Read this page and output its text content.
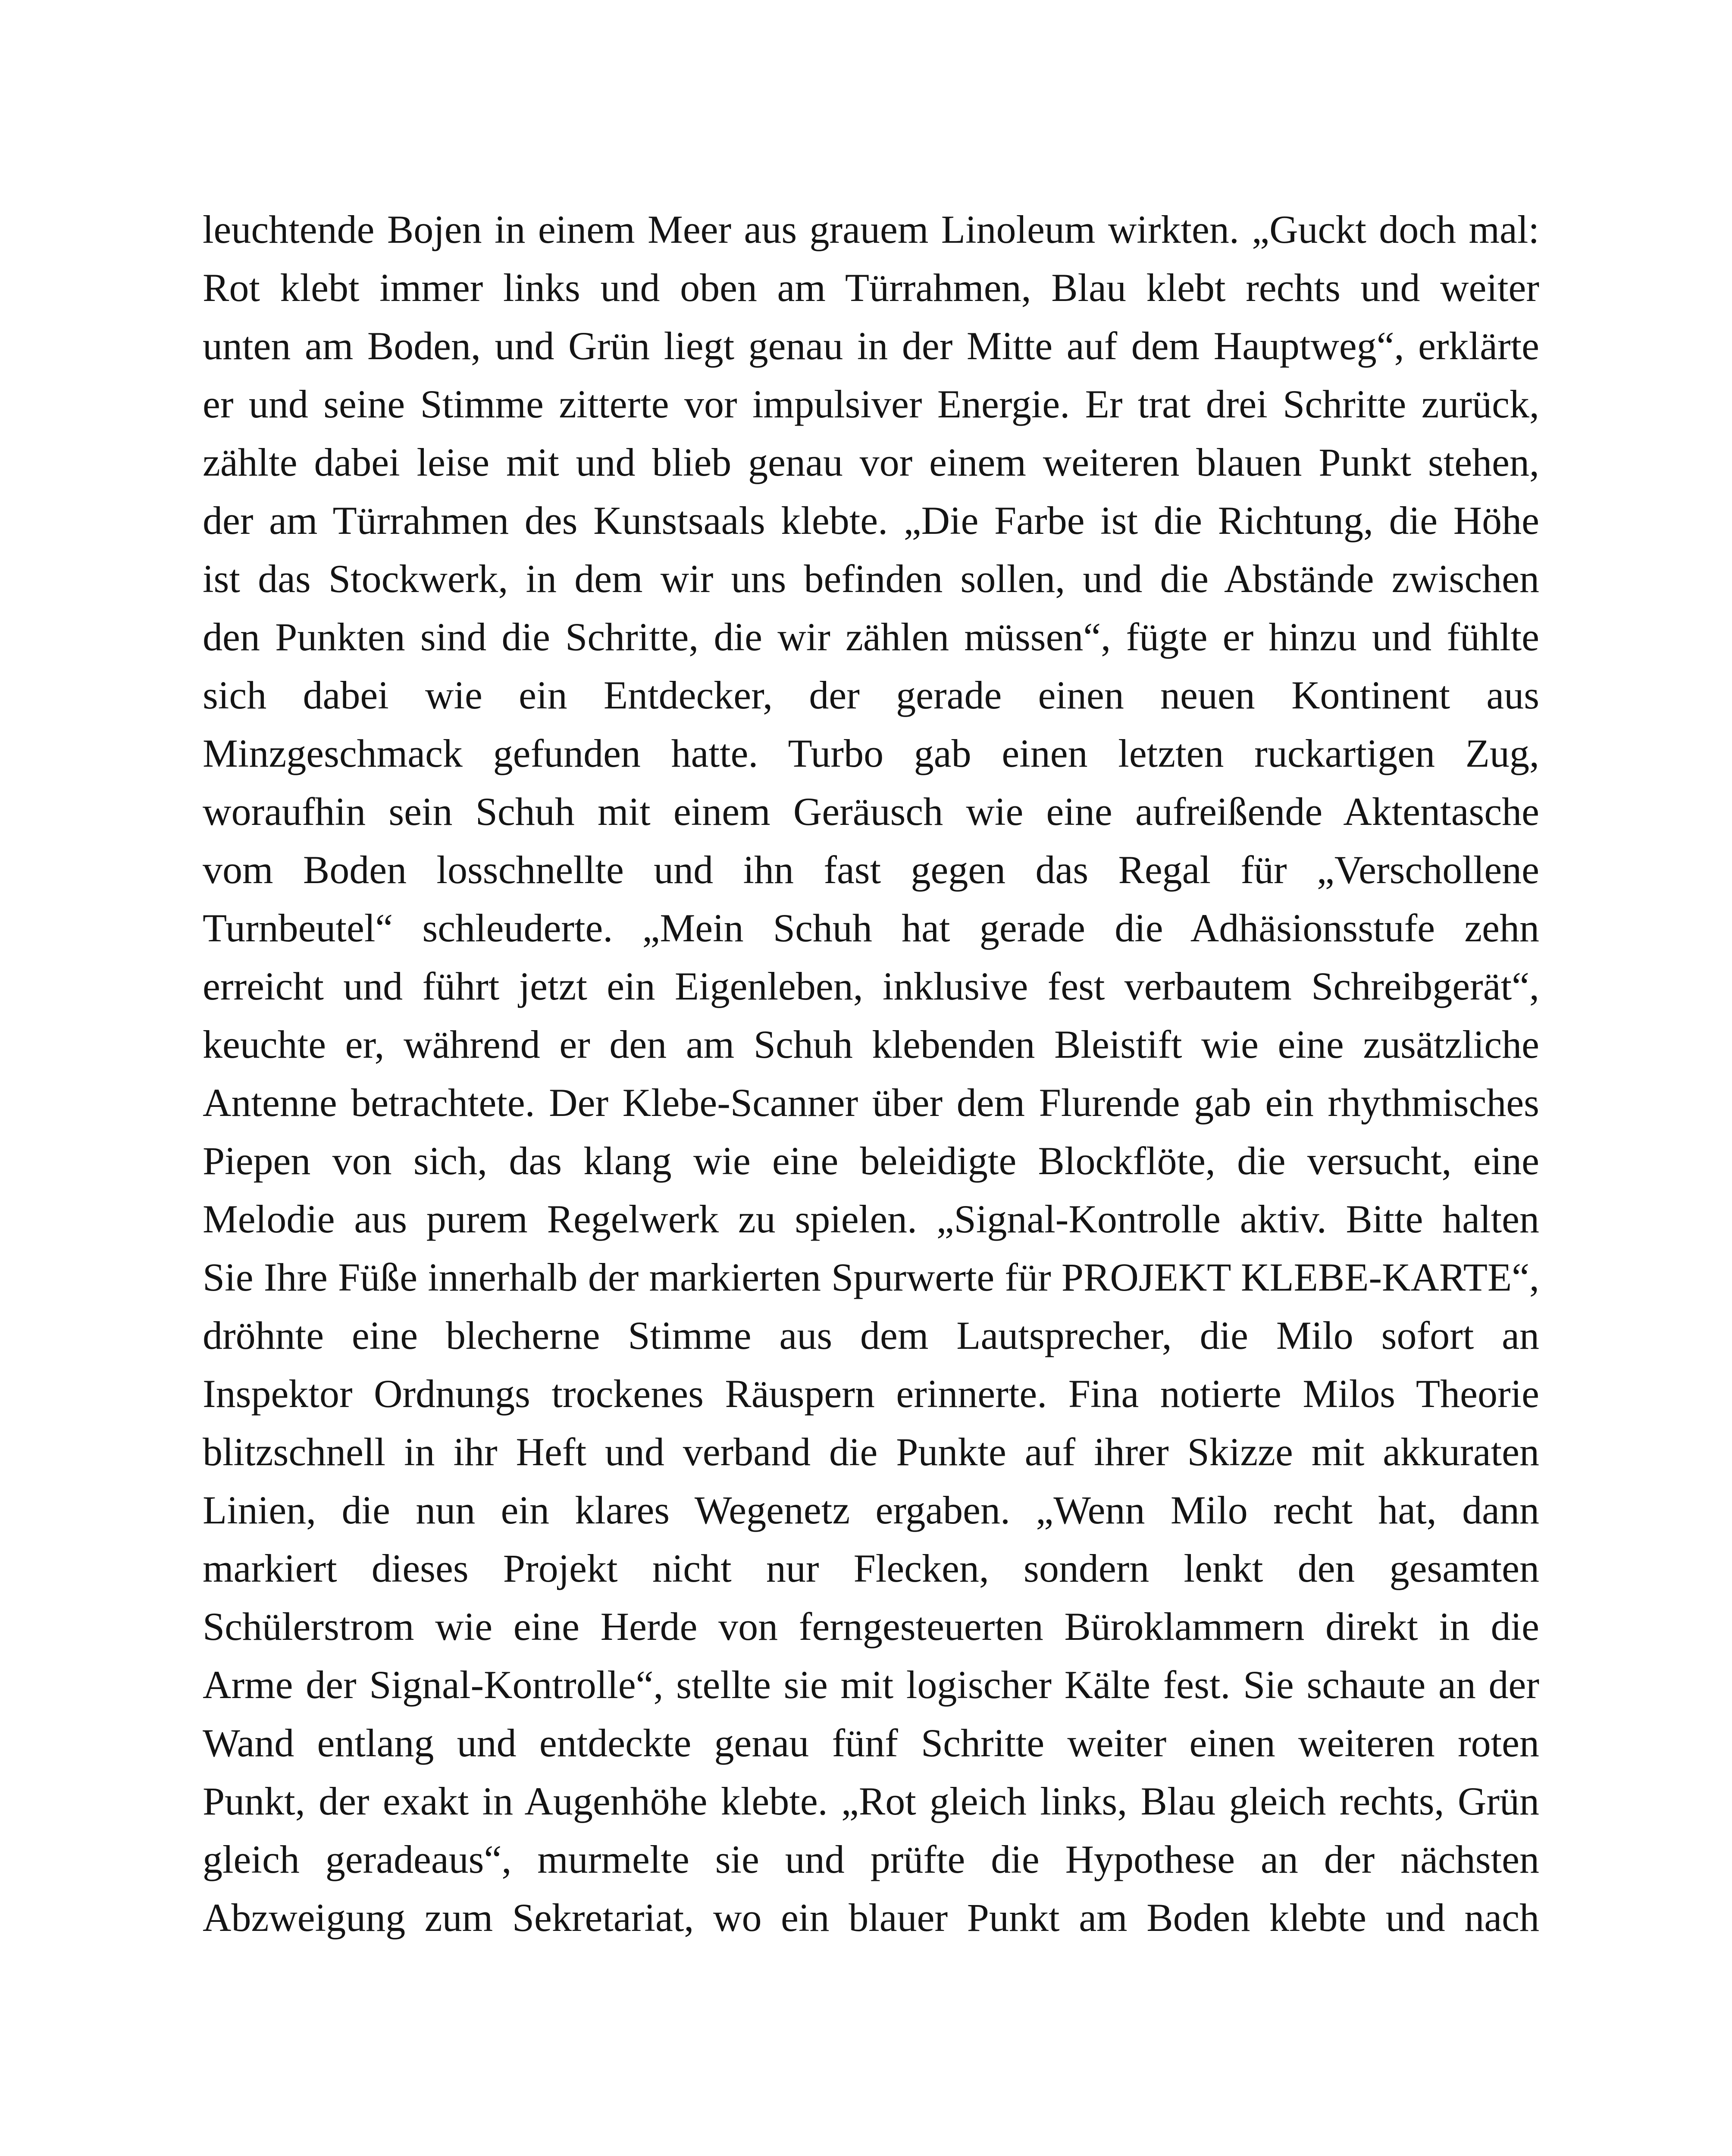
leuchtende Bojen in einem Meer aus grauem Linoleum wirkten. „Guckt doch mal:
Rot klebt immer links und oben am Türrahmen, Blau klebt rechts und weiter
unten am Boden, und Grün liegt genau in der Mitte auf dem Hauptweg“, erklärte
er und seine Stimme zitterte vor impulsiver Energie. Er trat drei Schritte zurück,
zählte dabei leise mit und blieb genau vor einem weiteren blauen Punkt stehen,
der am Türrahmen des Kunstsaals klebte. „Die Farbe ist die Richtung, die Höhe
ist das Stockwerk, in dem wir uns befinden sollen, und die Abstände zwischen
den Punkten sind die Schritte, die wir zählen müssen“, fügte er hinzu und fühlte
sich dabei wie ein Entdecker, der gerade einen neuen Kontinent aus
Minzgeschmack gefunden hatte. Turbo gab einen letzten ruckartigen Zug,
woraufhin sein Schuh mit einem Geräusch wie eine aufreißende Aktentasche
vom Boden losschnellte und ihn fast gegen das Regal für „Verschollene
Turnbeutel“ schleuderte. „Mein Schuh hat gerade die Adhäsionsstufe zehn
erreicht und führt jetzt ein Eigenleben, inklusive fest verbautem Schreibgerät“,
keuchte er, während er den am Schuh klebenden Bleistift wie eine zusätzliche
Antenne betrachtete. Der Klebe-Scanner über dem Flurende gab ein rhythmisches
Piepen von sich, das klang wie eine beleidigte Blockflöte, die versucht, eine
Melodie aus purem Regelwerk zu spielen. „Signal-Kontrolle aktiv. Bitte halten
Sie Ihre Füße innerhalb der markierten Spurwerte für PROJEKT KLEBE-KARTE“,
dröhnte eine blecherne Stimme aus dem Lautsprecher, die Milo sofort an
Inspektor Ordnungs trockenes Räuspern erinnerte. Fina notierte Milos Theorie
blitzschnell in ihr Heft und verband die Punkte auf ihrer Skizze mit akkuraten
Linien, die nun ein klares Wegenetz ergaben. „Wenn Milo recht hat, dann
markiert dieses Projekt nicht nur Flecken, sondern lenkt den gesamten
Schülerstrom wie eine Herde von ferngesteuerten Büroklammern direkt in die
Arme der Signal-Kontrolle“, stellte sie mit logischer Kälte fest. Sie schaute an der
Wand entlang und entdeckte genau fünf Schritte weiter einen weiteren roten
Punkt, der exakt in Augenhöhe klebte. „Rot gleich links, Blau gleich rechts, Grün
gleich geradeaus“, murmelte sie und prüfte die Hypothese an der nächsten
Abzweigung zum Sekretariat, wo ein blauer Punkt am Boden klebte und nach
